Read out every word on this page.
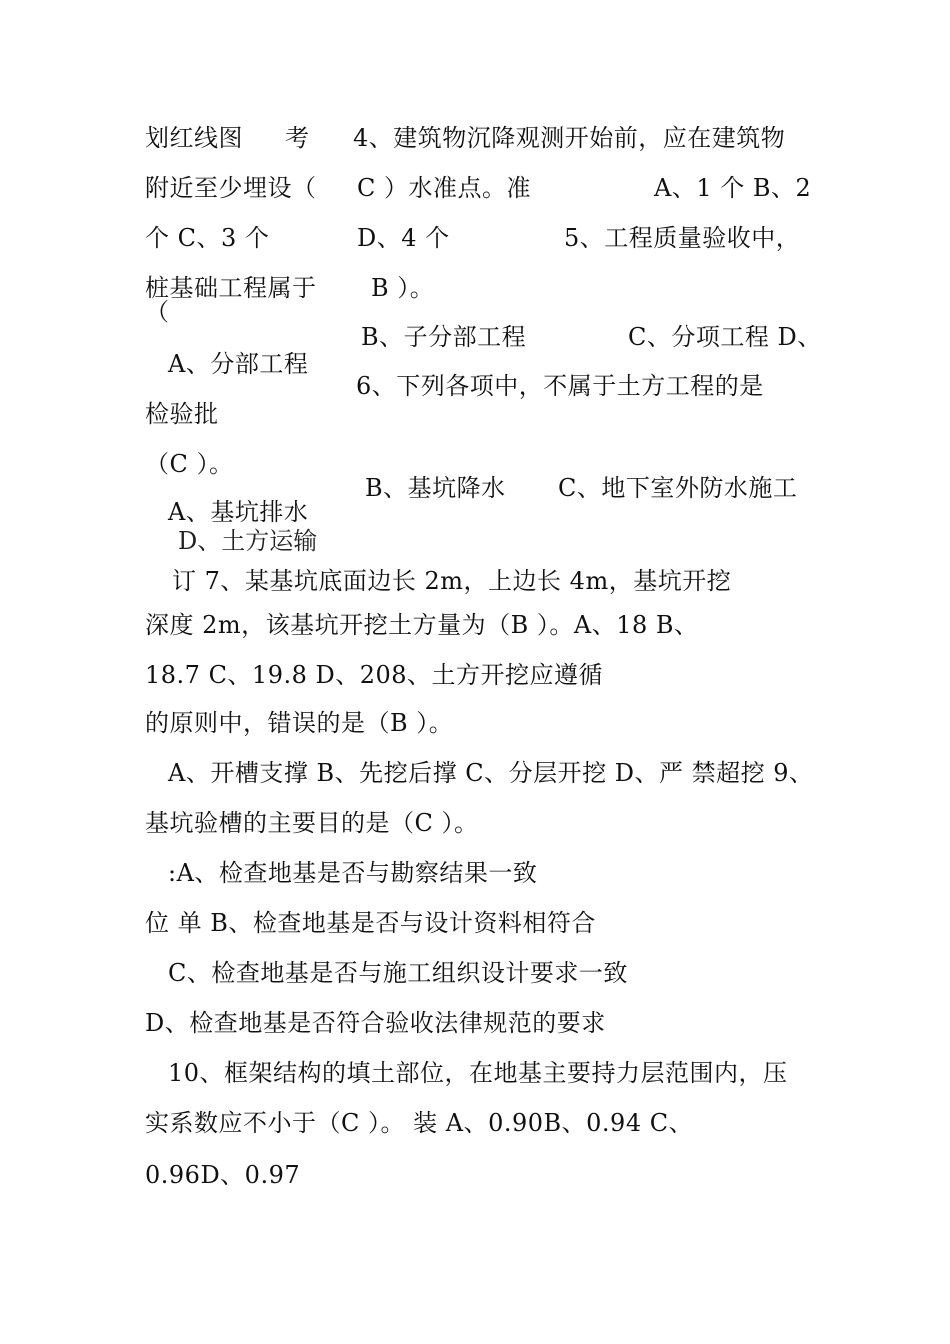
划红线图 考 4、建筑物沉降观测开始前，应在建筑物
附近至少埋设（ C ）水准点。准	A、1 个 B、2
个 C、3 个	D、4 个	5、工程质量验收中，
桩基础工程属于 B ）。
（
B、子分部工程	C、分项工程 D、
A、分部工程
6、下列各项中，不属于土方工程的是
检验批
（C ）。
B、基坑降水 C、地下室外防水施工
A、基坑排水
D、土方运输
订 7、某基坑底面边长 2m，上边长 4m，基坑开挖
深度 2m，该基坑开挖土方量为（B ）。A、18 B、
18.7 C、19.8 D、208、土方开挖应遵循
的原则中，错误的是（B ）。
A、开槽支撑 B、先挖后撑 C、分层开挖 D、严 禁超挖 9、
基坑验槽的主要目的是（C ）。
:A、检查地基是否与勘察结果一致
位 单 B、检查地基是否与设计资料相符合
C、检查地基是否与施工组织设计要求一致
D、检查地基是否符合验收法律规范的要求
10、框架结构的填土部位，在地基主要持力层范围内，压
实系数应不小于（C ）。 装 A、0.90B、0.94 C、
0.96D、0.97
